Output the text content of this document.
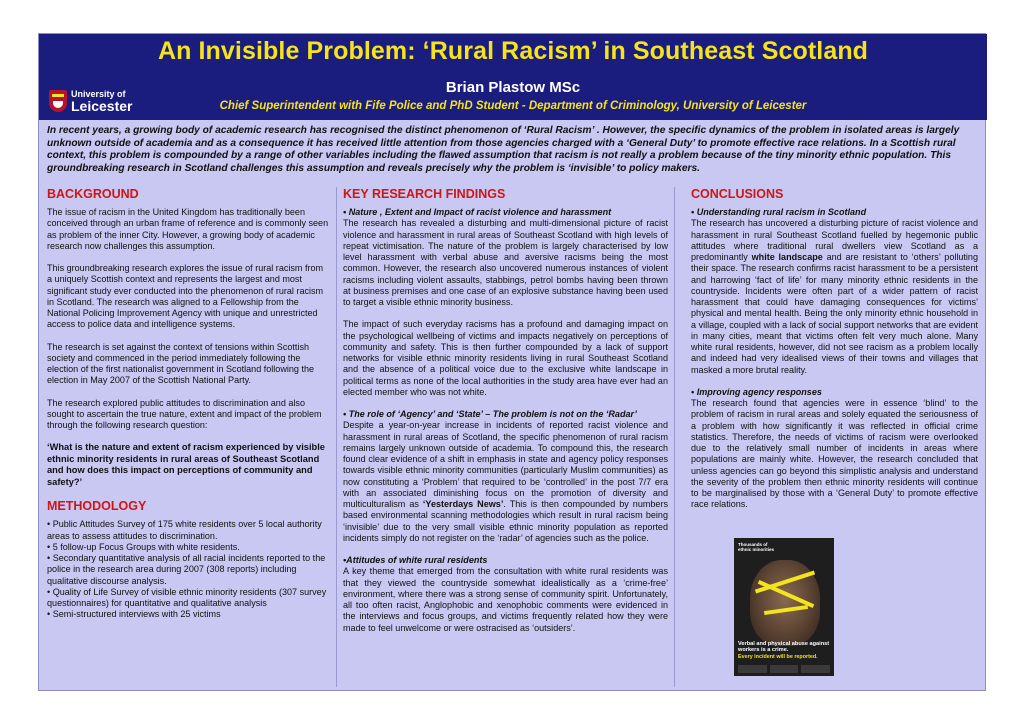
An Invisible Problem: ‘Rural Racism’ in Southeast Scotland
Brian Plastow MSc
Chief Superintendent with Fife Police and PhD Student - Department of Criminology, University of Leicester
University of
Leicester
In recent years, a growing body of academic research has recognised the distinct phenomenon of ‘Rural Racism’ . However, the specific dynamics of the problem in isolated areas is largely unknown outside of academia and as a consequence it has received little attention from those agencies charged with a ‘General Duty’ to promote effective race relations. In a Scottish rural context, this problem is compounded by a range of other variables including the flawed assumption that racism is not really a problem because of the tiny minority ethnic population. This groundbreaking research in Scotland challenges this assumption and reveals precisely why the problem is ‘invisible’ to policy makers.
BACKGROUND

The issue of racism in the United Kingdom has traditionally been conceived through an urban frame of reference and is commonly seen as problem of the inner City. However, a growing body of academic research now challenges this assumption.

This groundbreaking research explores the issue of rural racism from a uniquely Scottish context and represents the largest and most significant study ever conducted into the phenomenon of rural racism in Scotland. The research was aligned to a Fellowship from the National Policing Improvement Agency with unique and unrestricted access to police data and intelligence systems.

The research is set against the context of tensions within Scottish society and commenced in the period immediately following the election of the first nationalist government in Scotland following the election in May 2007 of the Scottish National Party.

The research explored public attitudes to discrimination and also sought to ascertain the true nature, extent and impact of the problem through the following research question:

‘What is the nature and extent of racism experienced by visible ethnic minority residents in rural areas of Southeast Scotland and how does this impact on perceptions of community and safety?’

METHODOLOGY
• Public Attitudes Survey of 175 white residents over 5 local authority areas to assess attitudes to discrimination.
• 5 follow-up Focus Groups with white residents.
• Secondary quantitative analysis of all racial incidents reported to the police in the research area during 2007 (308 reports) including qualitative discourse analysis.
• Quality of Life Survey of visible ethnic minority residents (307 survey questionnaires) for quantitative and qualitative analysis
• Semi-structured interviews with 25 victims
KEY RESEARCH FINDINGS

• Nature , Extent and Impact of racist violence and harassment

The research has revealed a disturbing and multi-dimensional picture of racist violence and harassment in rural areas of Southeast Scotland with high levels of repeat victimisation. The nature of the problem is largely characterised by low level harassment with verbal abuse and aversive racisms being the most common. However, the research also uncovered numerous instances of violent racisms including violent assaults, stabbings, petrol bombs having been thrown at business premises and one case of an explosive substance having been used to target a visible ethnic minority business.

The impact of such everyday racisms has a profound and damaging impact on the psychological wellbeing of victims and impacts negatively on perceptions of community and safety. This is then further compounded by a lack of support networks for visible ethnic minority residents living in rural Southeast Scotland and the absence of a political voice due to the exclusive white landscape in political terms as none of the local authorities in the study area have ever had an elected member who was not white.

• The role of ‘Agency’ and ‘State’ – The problem is not on the ‘Radar’

Despite a year-on-year increase in incidents of reported racist violence and harassment in rural areas of Scotland, the specific phenomenon of rural racism remains largely unknown outside of academia. To compound this, the research found clear evidence of a shift in emphasis in state and agency policy responses towards visible ethnic minority communities (particularly Muslim communities) as now constituting a ‘Problem’ that required to be ‘controlled’ in the post 7/7 era with an associated diminishing focus on the promotion of diversity and multiculturalism as ‘Yesterdays News’. This is then compounded by numbers based environmental scanning methodologies which result in rural racism being ‘invisible’ due to the very small visible ethnic minority population as reported incidents simply do not register on the ‘radar’ of agencies such as the police.

•Attitudes of white rural residents

A key theme that emerged from the consultation with white rural residents was that they viewed the countryside somewhat idealistically as a ‘crime-free’ environment, where there was a strong sense of community spirit. Unfortunately, all too often racist, Anglophobic and xenophobic comments were evidenced in the interviews and focus groups, and victims frequently related how they were made to feel unwelcome or were ostracised as ‘outsiders’.

CONCLUSIONS

• Understanding rural racism in Scotland

The research has uncovered a disturbing picture of racist violence and harassment in rural Southeast Scotland fuelled by hegemonic public attitudes where traditional rural dwellers view Scotland as a predominantly white landscape and are resistant to ‘others’ polluting their space. The research confirms racist harassment to be a persistent and harrowing ‘fact of life’ for many minority ethnic residents in the countryside. Incidents were often part of a wider pattern of racist harassment that could have damaging consequences for victims’ physical and mental health. Being the only minority ethnic household in a village, coupled with a lack of social support networks that are evident in many cities, meant that victims often felt very much alone. Many white rural residents, however, did not see racism as a problem locally and indeed had very idealised views of their towns and villages that masked a more brutal reality.

• Improving agency responses

The research found that agencies were in essence ‘blind’ to the problem of racism in rural areas and solely equated the seriousness of a problem with how significantly it was reflected in official crime statistics. Therefore, the needs of victims of racism were overlooked due to the relatively small number of incidents in areas where populations are mainly white. However, the research concluded that unless agencies can go beyond this simplistic analysis and understand the severity of the problem then ethnic minority residents will continue to be marginalised by those with a ‘General Duty’ to promote effective race relations.

Thousands of ethnic minorities
Verbal and physical abuse against workers is a crime.
Every incident will be reported.
